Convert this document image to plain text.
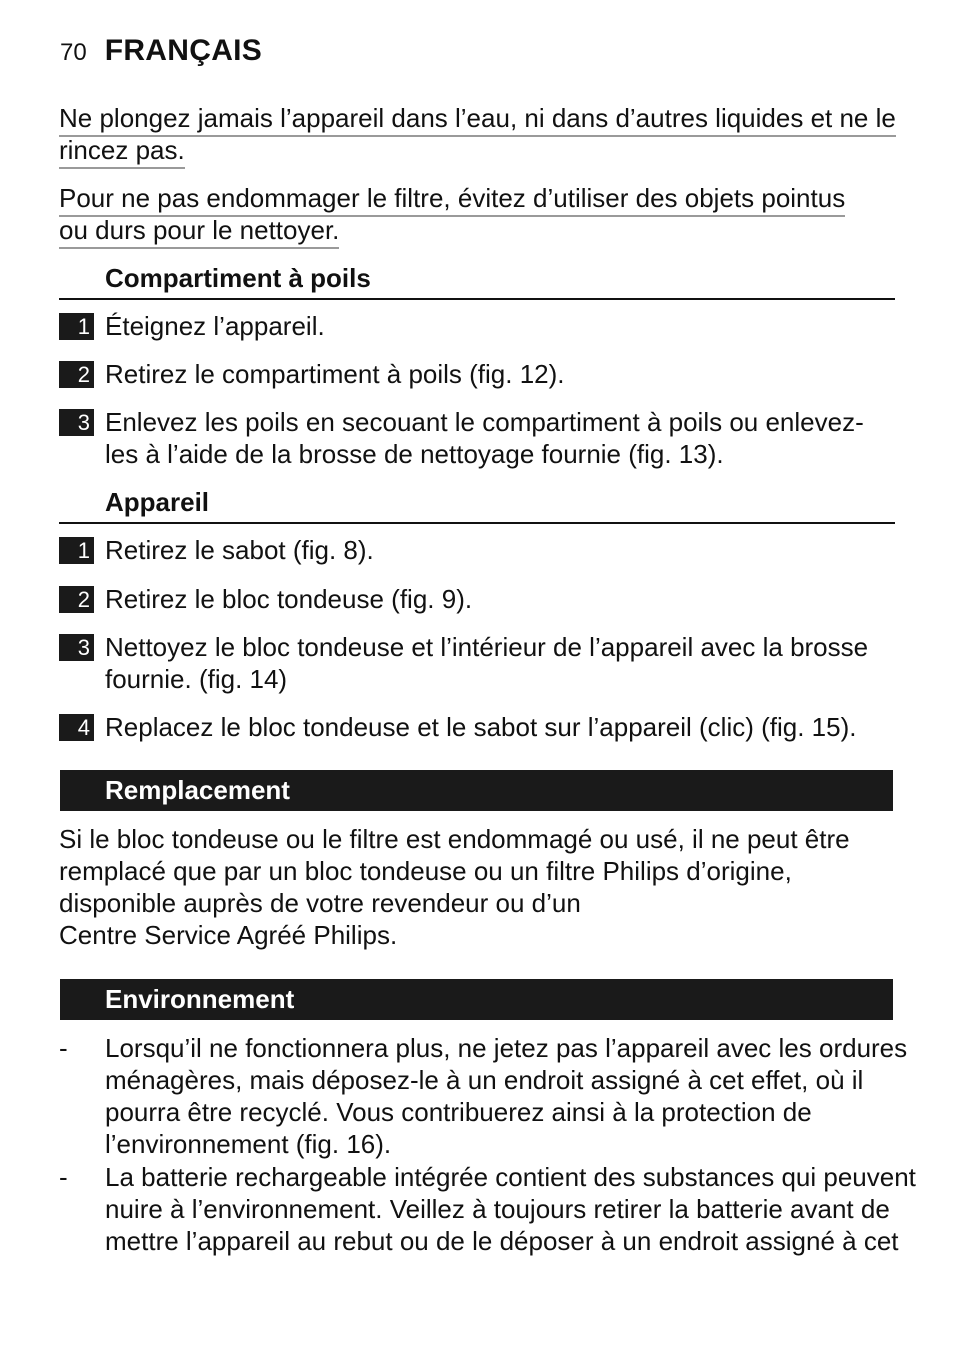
70 FRANÇAIS

Ne plongez jamais l’appareil dans l’eau, ni dans d’autres liquides et ne le
rincez pas.

Pour ne pas endommager le filtre, évitez d’utiliser des objets pointus
ou durs pour le nettoyer.

Compartiment à poils
1 Éteignez l’appareil.
2 Retirez le compartiment à poils (fig. 12).
3 Enlevez les poils en secouant le compartiment à poils ou enlevez-
les à l’aide de la brosse de nettoyage fournie (fig. 13).
Appareil
1 Retirez le sabot (fig. 8).
2 Retirez le bloc tondeuse (fig. 9).
3 Nettoyez le bloc tondeuse et l’intérieur de l’appareil avec la brosse
fournie. (fig. 14)
4 Replacez le bloc tondeuse et le sabot sur l’appareil (clic) (fig. 15).
Remplacement

Si le bloc tondeuse ou le filtre est endommagé ou usé, il ne peut être
remplacé que par un bloc tondeuse ou un filtre Philips d’origine,
disponible auprès de votre revendeur ou d’un
Centre Service Agréé Philips.

Environnement
- Lorsqu’il ne fonctionnera plus, ne jetez pas l’appareil avec les ordures
ménagères, mais déposez-le à un endroit assigné à cet effet, où il
pourra être recyclé. Vous contribuerez ainsi à la protection de
l’environnement (fig. 16).
- La batterie rechargeable intégrée contient des substances qui peuvent
nuire à l’environnement. Veillez à toujours retirer la batterie avant de
mettre l’appareil au rebut ou de le déposer à un endroit assigné à cet
